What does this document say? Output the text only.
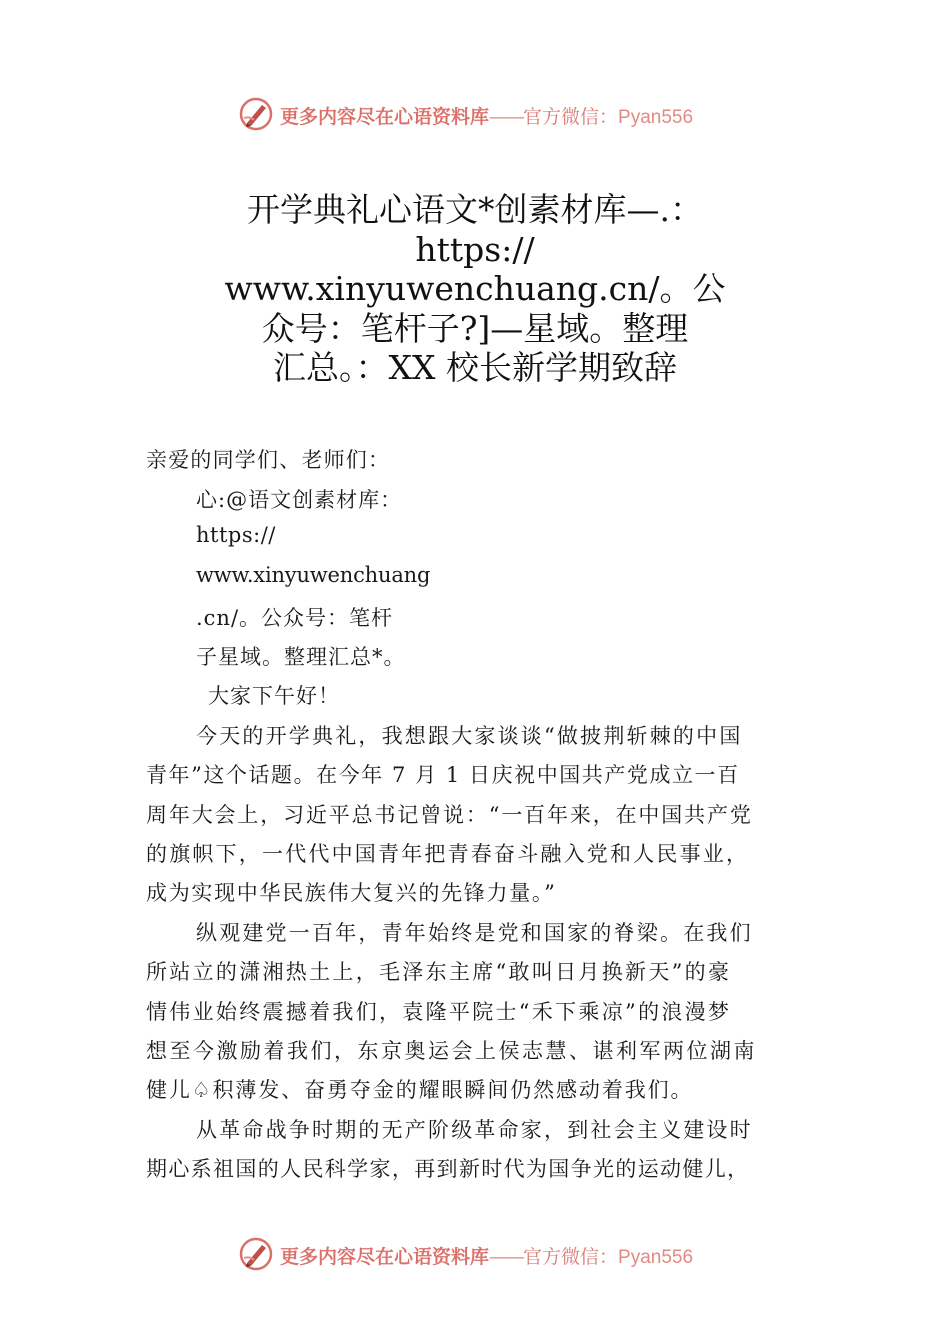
更多内容尽在心语资料库——官方微信：Pyan556
开学典礼心语文*创素材库—.：
https://
www.xinyuwenchuang.cn/。公
众号：笔杆子?]—星域。整理
汇总。：XX 校长新学期致辞
亲爱的同学们、老师们：
心:@语文创素材库：
https://
www.xinyuwenchuang
.cn/。公众号：笔杆
子星域。整理汇总*。
大家下午好！
今天的开学典礼，我想跟大家谈谈“做披荆斩棘的中国
青年”这个话题。在今年 7 月 1 日庆祝中国共产党成立一百
周年大会上，习近平总书记曾说：“一百年来，在中国共产党
的旗帜下，一代代中国青年把青春奋斗融入党和人民事业，
成为实现中华民族伟大复兴的先锋力量。”
纵观建党一百年，青年始终是党和国家的脊梁。在我们
所站立的潇湘热土上，毛泽东主席“敢叫日月换新天”的豪
情伟业始终震撼着我们，袁隆平院士“禾下乘凉”的浪漫梦
想至今激励着我们，东京奥运会上侯志慧、谌利军两位湖南
健儿♤积薄发、奋勇夺金的耀眼瞬间仍然感动着我们。
从革命战争时期的无产阶级革命家，到社会主义建设时
期心系祖国的人民科学家，再到新时代为国争光的运动健儿，
更多内容尽在心语资料库——官方微信：Pyan556
